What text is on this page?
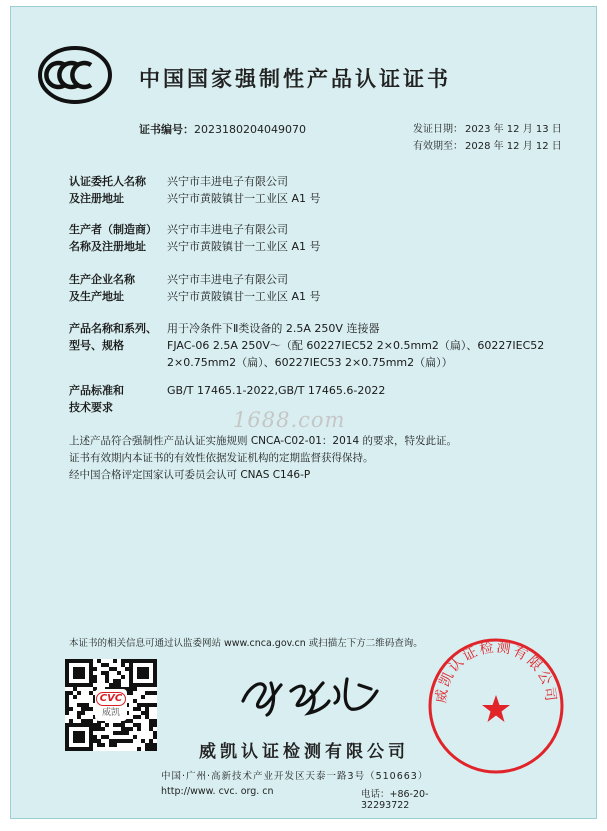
中国国家强制性产品认证证书
证书编号：2023180204049070	发证日期： 2023 年 12 月 13 日
有效期至： 2028 年 12 月 12 日
认证委托人名称
及注册地址
兴宁市丰进电子有限公司
兴宁市黄陂镇甘一工业区 A1 号
生产者（制造商）
名称及注册地址
兴宁市丰进电子有限公司
兴宁市黄陂镇甘一工业区 A1 号
生产企业名称
及生产地址
兴宁市丰进电子有限公司
兴宁市黄陂镇甘一工业区 A1 号
产品名称和系列、
型号、规格
用于冷条件下Ⅱ类设备的 2.5A 250V 连接器
FJAC-06 2.5A 250V～（配 60227IEC52 2×0.5mm2（扁）、60227IEC52
2×0.75mm2（扁）、60227IEC53 2×0.75mm2（扁））
产品标准和
技术要求
GB/T 17465.1-2022,GB/T 17465.6-2022
1688.com
上述产品符合强制性产品认证实施规则 CNCA-C02-01：2014 的要求，特发此证。
证书有效期内本证书的有效性依据发证机构的定期监督获得保持。
经中国合格评定国家认可委员会认可 CNAS C146-P
本证书的相关信息可通过认监委网站 www.cnca.gov.cn 或扫描左下方二维码查询。
CVC
威凯
威凯认证检测有限公司
威凯认证检测有限公司
中国·广州·高新技术产业开发区天泰一路3号（510663）
http://www. cvc. org. cn	电话：+86-20-32293722
